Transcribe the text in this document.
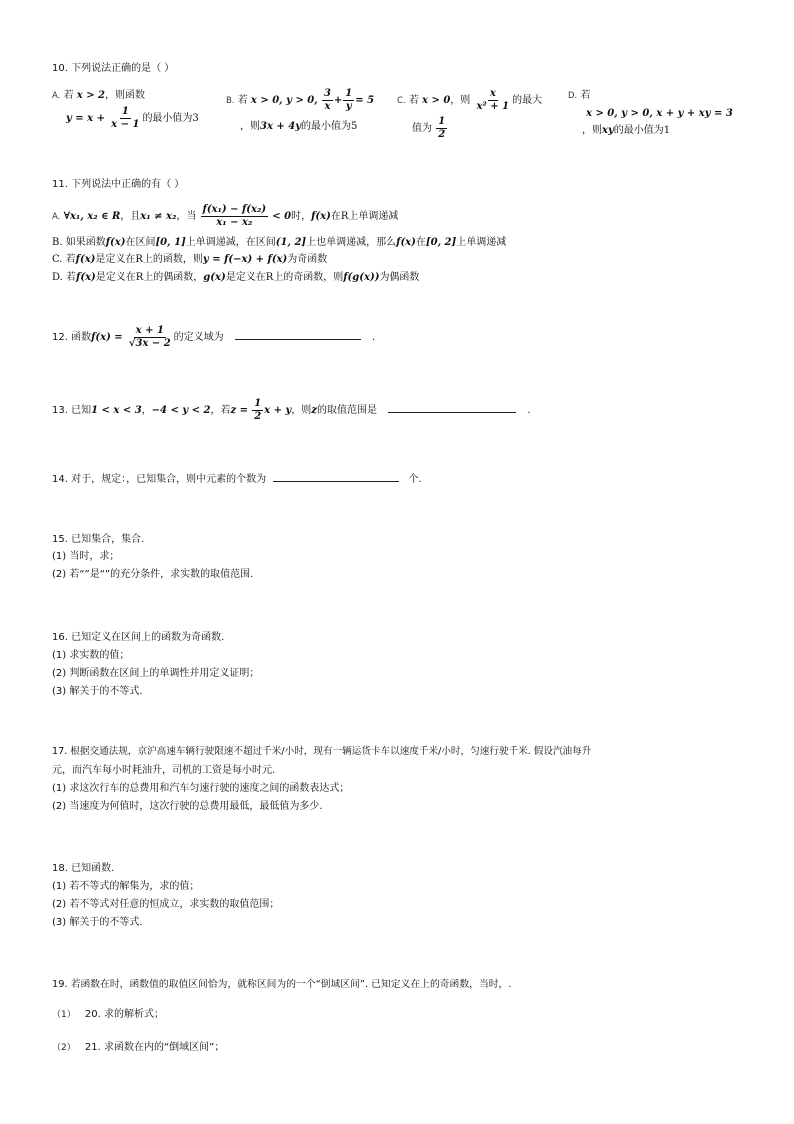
10. 下列说法正确的是（ ）
A. 若 x > 2，则函数
$y = x + \frac{1}{x - 1}$ 的最小值为3
B. 若 x > 0, y > 0, $\frac{3}{x} + \frac{1}{y} = 5$
，则3x + 4y的最小值为5
C. 若 x > 0，则 $\frac{x}{\text{x² + 1}}$ 的最大
值为 $\frac{1}{2}$
D. 若
x > 0, y > 0, x + y + xy = 3
，则xy的最小值为1
11. 下列说法中正确的有（ ）
A. ∀x₁, x₂ ∈ R，且x₁ ≠ x₂，当 $\frac{\text{f(x₁) − f(x₂)}}{\text{x₁ − x₂}} < 0$时，f(x)在R上单调递减
B. 如果函数f(x)在区间[0, 1]上单调递减，在区间(1, 2]上也单调递减，那么f(x)在[0, 2]上单调递减
C. 若f(x)是定义在R上的函数，则y = f(−x) + f(x)为奇函数
D. 若f(x)是定义在R上的偶函数，g(x)是定义在R上的奇函数，则f(g(x))为偶函数
12. 函数$f(x) = \frac{x + 1}{√3x - 2}$ 的定义域为	.
13. 已知1 < x < 3，−4 < y < 2，若$z = \frac{1}{2}$ x + y，则z的取值范围是	.
14. 对于，规定：，已知集合，则中元素的个数为	个.
15. 已知集合，集合.
(1) 当时，求；
(2) 若“”是“”的充分条件，求实数的取值范围.
16. 已知定义在区间上的函数为奇函数.
(1) 求实数的值；
(2) 判断函数在区间上的单调性并用定义证明；
(3) 解关于的不等式.
17. 根据交通法规，京沪高速车辆行驶限速不超过千米/小时，现有一辆运货卡车以速度千米/小时，匀速行驶千米. 假设汽油每升
元，而汽车每小时耗油升，司机的工资是每小时元.
(1) 求这次行车的总费用和汽车匀速行驶的速度之间的函数表达式；
(2) 当速度为何值时，这次行驶的总费用最低，最低值为多少.
18. 已知函数.
(1) 若不等式的解集为，求的值；
(2) 若不等式对任意的恒成立，求实数的取值范围；
(3) 解关于的不等式.
19. 若函数在时，函数值的取值区间恰为，就称区间为的一个“倒域区间”. 已知定义在上的奇函数，当时，.
（1） 20. 求的解析式；
（2） 21. 求函数在内的“倒域区间”；
